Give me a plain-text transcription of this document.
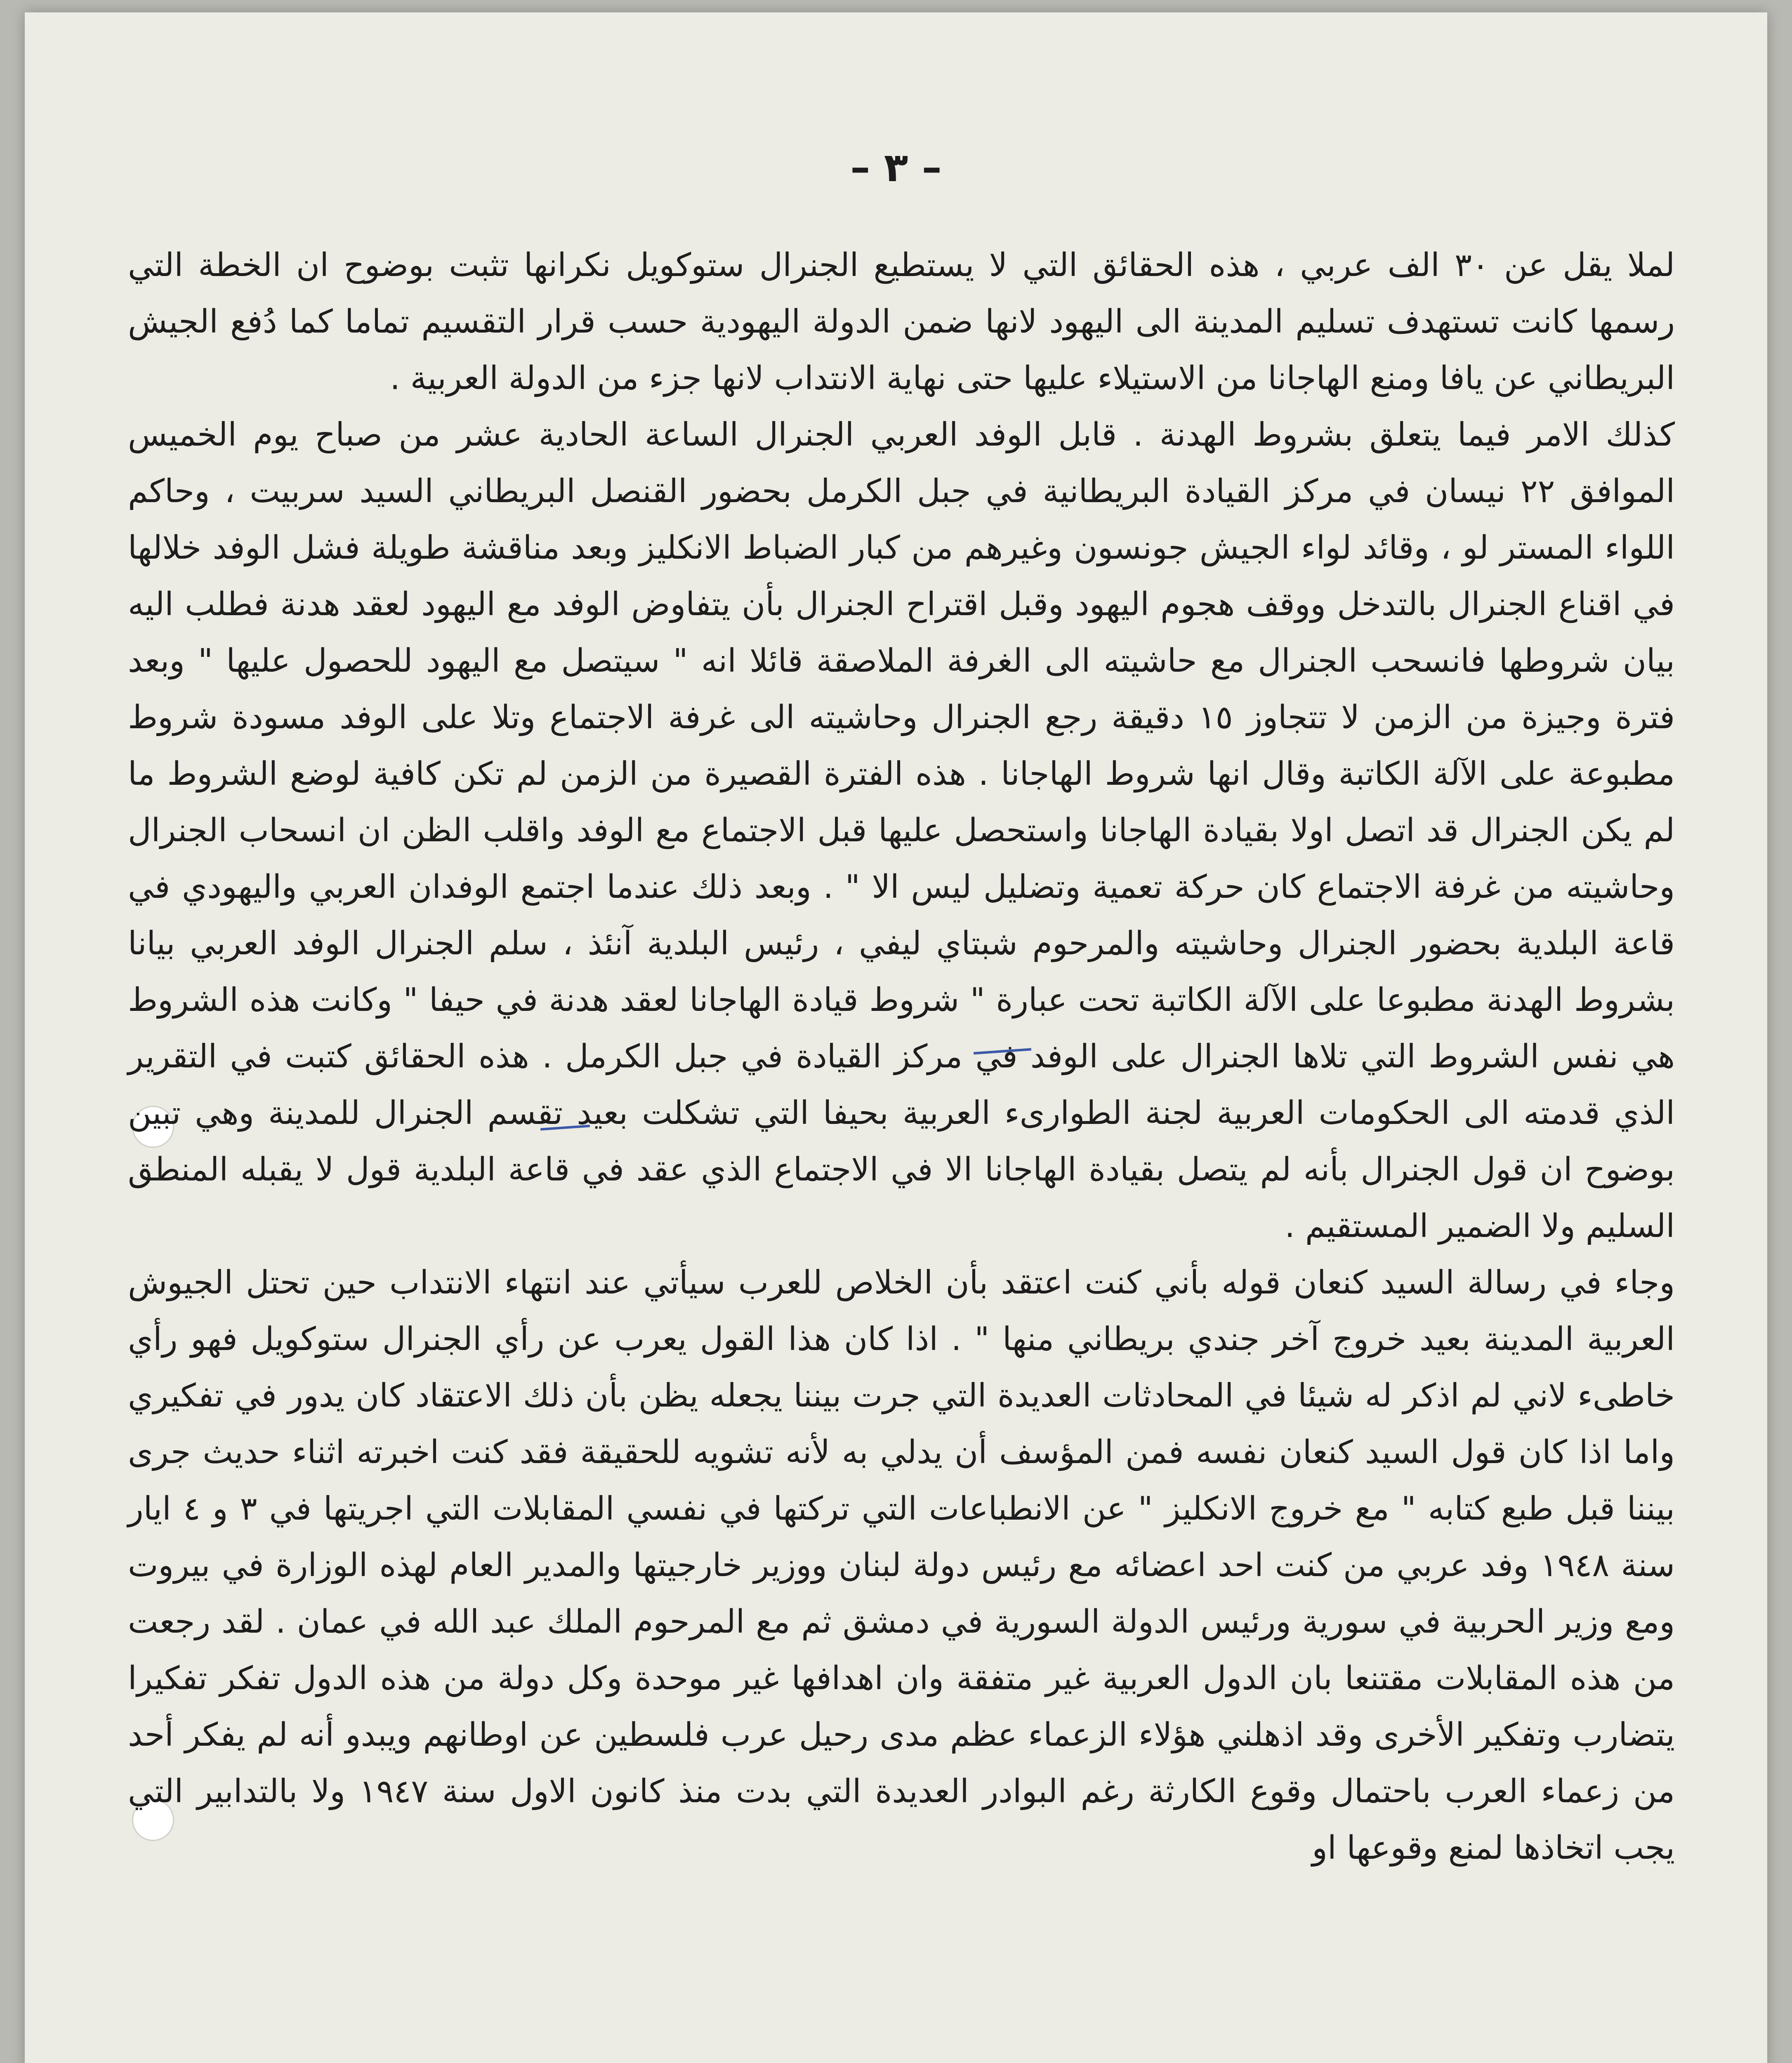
– ٣ –

لملا يقل عن ٣٠ الف عربي ، هذه الحقائق التي لا يستطيع الجنرال ستوكويل نكرانها تثبت بوضوح ان الخطة التي رسمها كانت تستهدف تسليم المدينة الى اليهود لانها ضمن الدولة اليهودية حسب قرار التقسيم تماما كما دُفع الجيش البريطاني عن يافا ومنع الهاجانا من الاستيلاء عليها حتى نهاية الانتداب لانها جزء من الدولة العربية .

كذلك الامر فيما يتعلق بشروط الهدنة . قابل الوفد العربي الجنرال الساعة الحادية عشر من صباح يوم الخميس الموافق ٢٢ نيسان في مركز القيادة البريطانية في جبل الكرمل بحضور القنصل البريطاني السيد سربيت ، وحاكم اللواء المستر لو ، وقائد لواء الجيش جونسون وغيرهم من كبار الضباط الانكليز وبعد مناقشة طويلة فشل الوفد خلالها في اقناع الجنرال بالتدخل ووقف هجوم اليهود وقبل اقتراح الجنرال بأن يتفاوض الوفد مع اليهود لعقد هدنة فطلب اليه بيان شروطها فانسحب الجنرال مع حاشيته الى الغرفة الملاصقة قائلا انه " سيتصل مع اليهود للحصول عليها " وبعد فترة وجيزة من الزمن لا تتجاوز ١٥ دقيقة رجع الجنرال وحاشيته الى غرفة الاجتماع وتلا على الوفد مسودة شروط مطبوعة على الآلة الكاتبة وقال انها شروط الهاجانا . هذه الفترة القصيرة من الزمن لم تكن كافية لوضع الشروط ما لم يكن الجنرال قد اتصل اولا بقيادة الهاجانا واستحصل عليها قبل الاجتماع مع الوفد واقلب الظن ان انسحاب الجنرال وحاشيته من غرفة الاجتماع كان حركة تعمية وتضليل ليس الا " . وبعد ذلك عندما اجتمع الوفدان العربي واليهودي في قاعة البلدية بحضور الجنرال وحاشيته والمرحوم شبتاي ليفي ، رئيس البلدية آنئذ ، سلم الجنرال الوفد العربي بيانا بشروط الهدنة مطبوعا على الآلة الكاتبة تحت عبارة " شروط قيادة الهاجانا لعقد هدنة في حيفا " وكانت هذه الشروط هي نفس الشروط التي تلاها الجنرال على الوفد في مركز القيادة في جبل الكرمل . هذه الحقائق كتبت في التقرير الذي قدمته الى الحكومات العربية لجنة الطوارىء العربية بحيفا التي تشكلت بعيد تقسم الجنرال للمدينة وهي تبين بوضوح ان قول الجنرال بأنه لم يتصل بقيادة الهاجانا الا في الاجتماع الذي عقد في قاعة البلدية قول لا يقبله المنطق السليم ولا الضمير المستقيم .

وجاء في رسالة السيد كنعان قوله بأني كنت اعتقد بأن الخلاص للعرب سيأتي عند انتهاء الانتداب حين تحتل الجيوش العربية المدينة بعيد خروج آخر جندي بريطاني منها " . اذا كان هذا القول يعرب عن رأي الجنرال ستوكويل فهو رأي خاطىء لاني لم اذكر له شيئا في المحادثات العديدة التي جرت بيننا يجعله يظن بأن ذلك الاعتقاد كان يدور في تفكيري واما اذا كان قول السيد كنعان نفسه فمن المؤسف أن يدلي به لأنه تشويه للحقيقة فقد كنت اخبرته اثناء حديث جرى بيننا قبل طبع كتابه " مع خروج الانكليز " عن الانطباعات التي تركتها في نفسي المقابلات التي اجريتها في ٣ و ٤ ايار سنة ١٩٤٨ وفد عربي من كنت احد اعضائه مع رئيس دولة لبنان ووزير خارجيتها والمدير العام لهذه الوزارة في بيروت ومع وزير الحربية في سورية ورئيس الدولة السورية في دمشق ثم مع المرحوم الملك عبد الله في عمان . لقد رجعت من هذه المقابلات مقتنعا بان الدول العربية غير متفقة وان اهدافها غير موحدة وكل دولة من هذه الدول تفكر تفكيرا يتضارب وتفكير الأخرى وقد اذهلني هؤلاء الزعماء عظم مدى رحيل عرب فلسطين عن اوطانهم ويبدو أنه لم يفكر أحد من زعماء العرب باحتمال وقوع الكارثة رغم البوادر العديدة التي بدت منذ كانون الاول سنة ١٩٤٧ ولا بالتدابير التي يجب اتخاذها لمنع وقوعها او
